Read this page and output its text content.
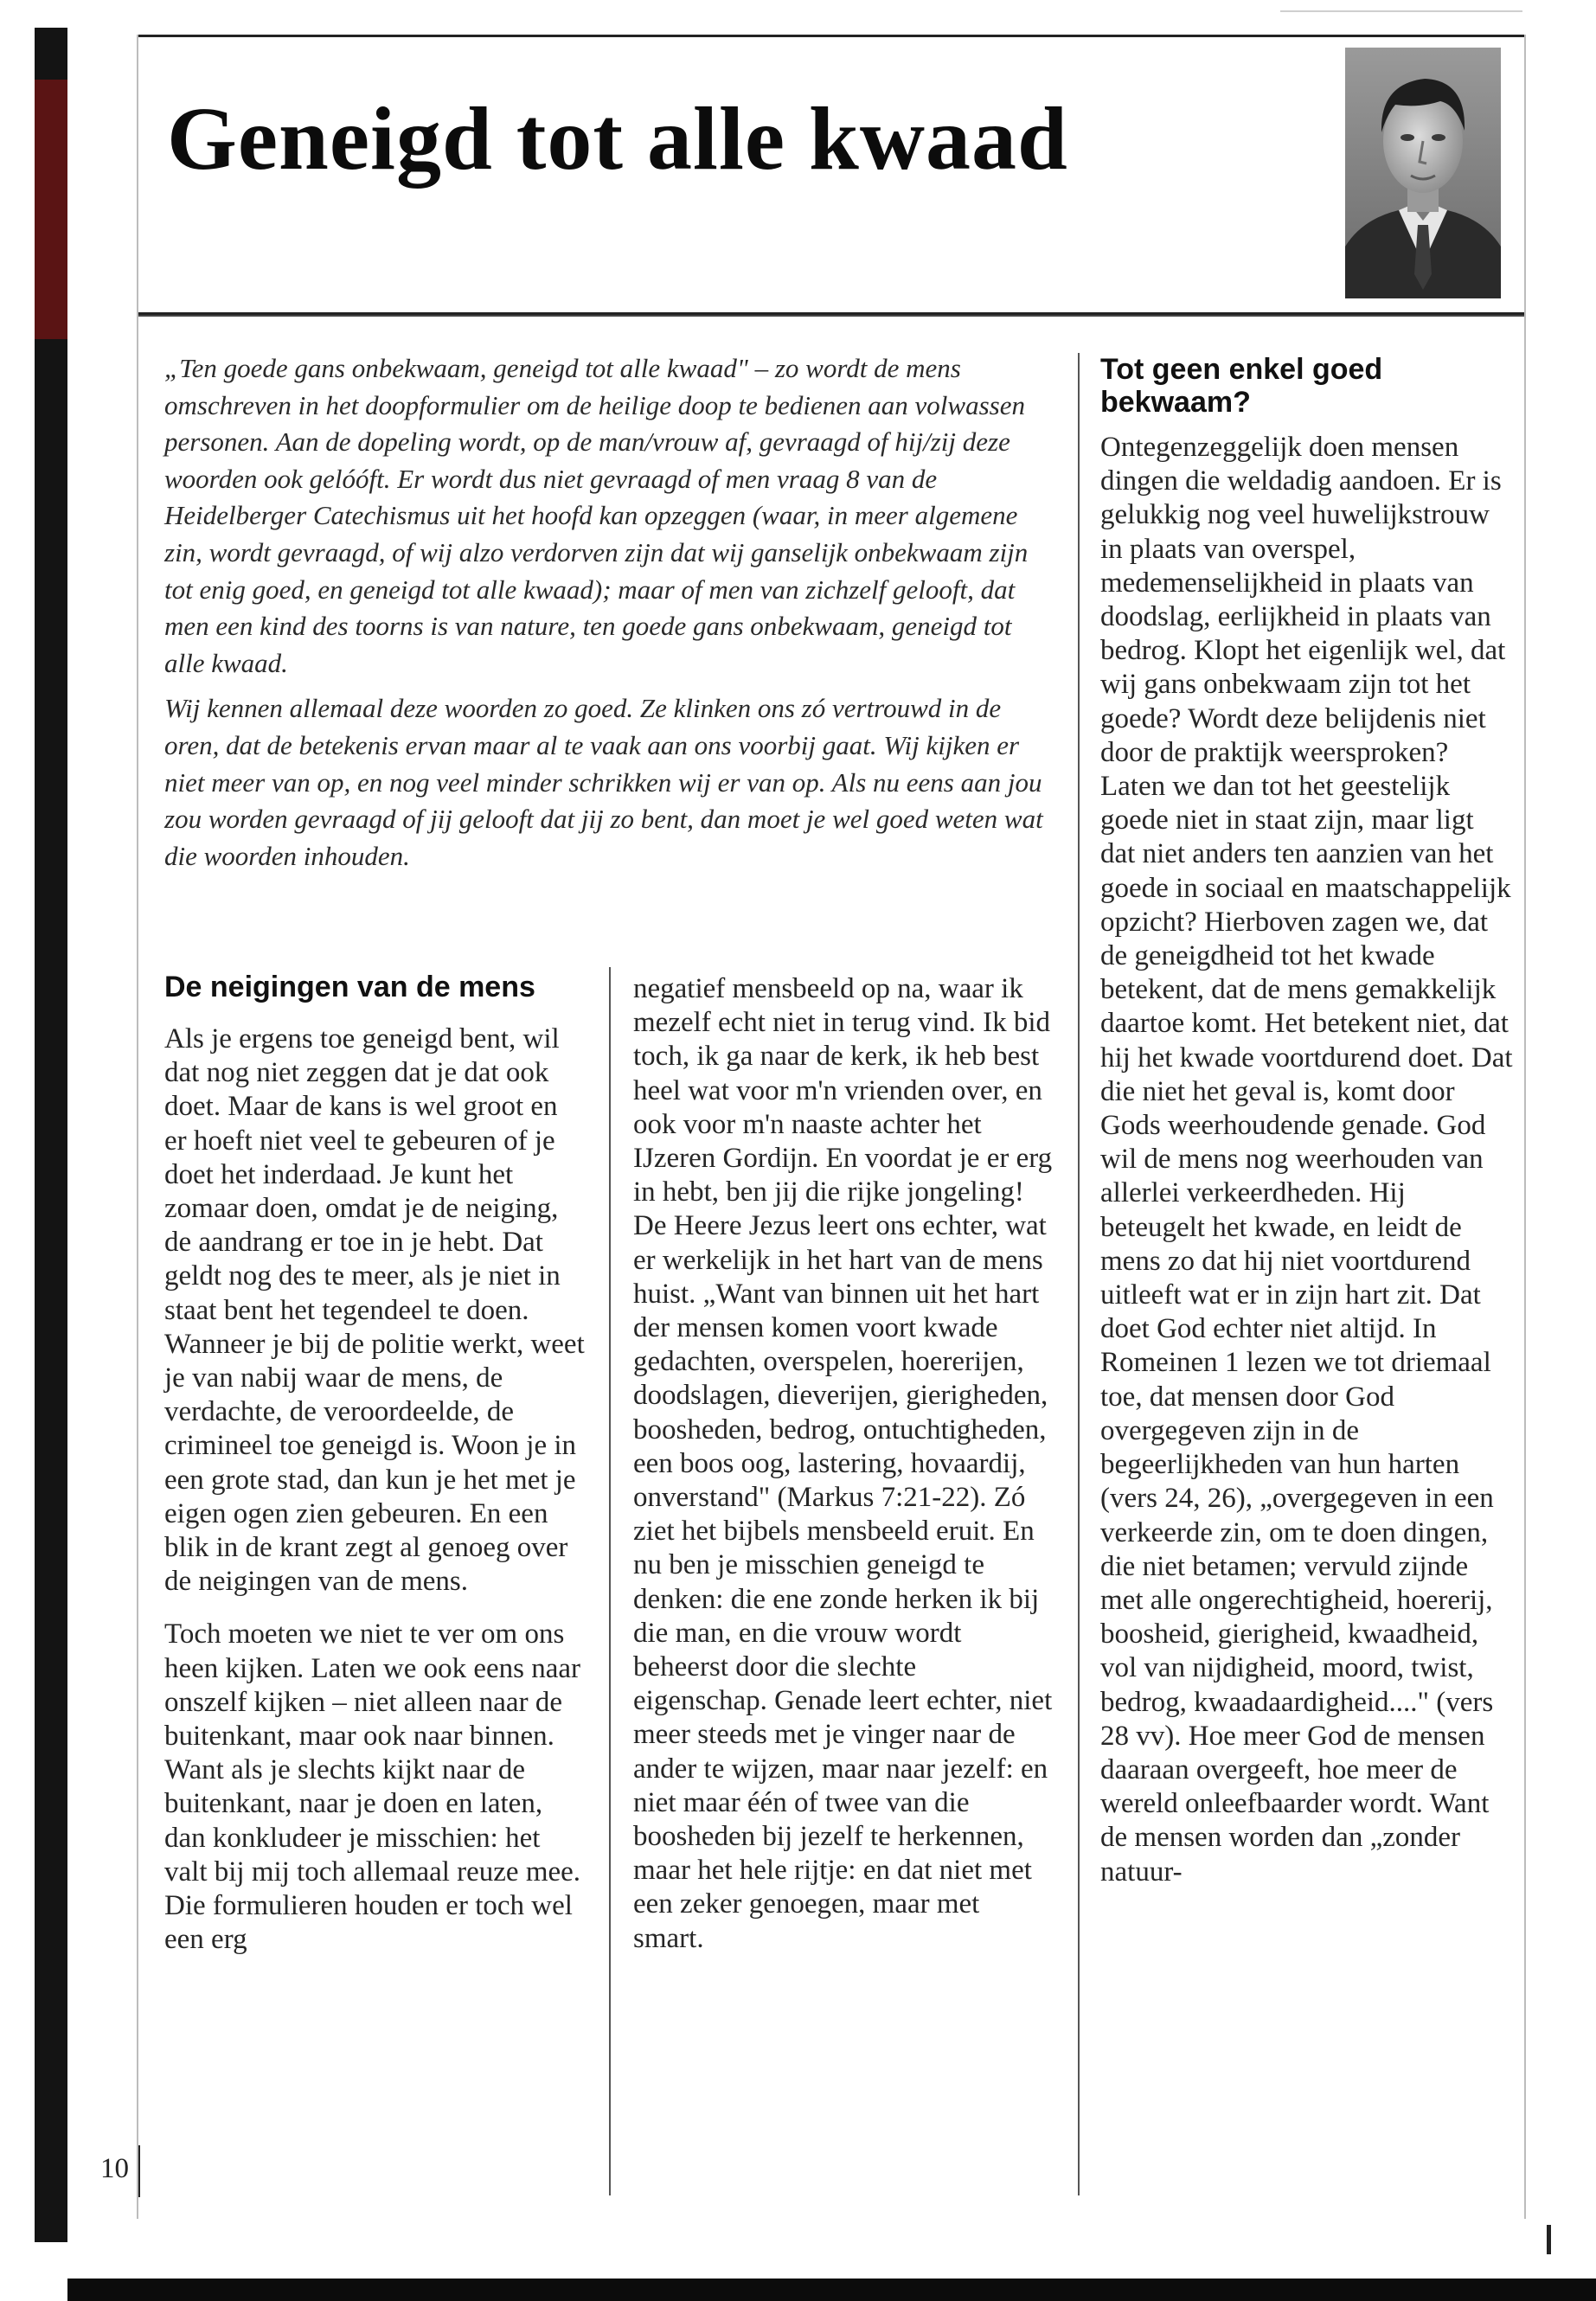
Geneigd tot alle kwaad

„Ten goede gans onbekwaam, geneigd tot alle kwaad" – zo wordt de mens omschreven in het doopformulier om de heilige doop te bedienen aan volwassen personen. Aan de dopeling wordt, op de man/vrouw af, gevraagd of hij/zij deze woorden ook gelóóft. Er wordt dus niet gevraagd of men vraag 8 van de Heidelberger Catechismus uit het hoofd kan opzeggen (waar, in meer algemene zin, wordt gevraagd, of wij alzo verdorven zijn dat wij ganselijk onbekwaam zijn tot enig goed, en geneigd tot alle kwaad); maar of men van zichzelf gelooft, dat men een kind des toorns is van nature, ten goede gans onbekwaam, geneigd tot alle kwaad.

Wij kennen allemaal deze woorden zo goed. Ze klinken ons zó vertrouwd in de oren, dat de betekenis ervan maar al te vaak aan ons voorbij gaat. Wij kijken er niet meer van op, en nog veel minder schrikken wij er van op. Als nu eens aan jou zou worden gevraagd of jij gelooft dat jij zo bent, dan moet je wel goed weten wat die woorden inhouden.

De neigingen van de mens

Als je ergens toe geneigd bent, wil dat nog niet zeggen dat je dat ook doet. Maar de kans is wel groot en er hoeft niet veel te gebeuren of je doet het inderdaad. Je kunt het zomaar doen, omdat je de neiging, de aandrang er toe in je hebt. Dat geldt nog des te meer, als je niet in staat bent het tegendeel te doen. Wanneer je bij de politie werkt, weet je van nabij waar de mens, de verdachte, de veroordeelde, de crimineel toe geneigd is. Woon je in een grote stad, dan kun je het met je eigen ogen zien gebeuren. En een blik in de krant zegt al genoeg over de neigingen van de mens.

Toch moeten we niet te ver om ons heen kijken. Laten we ook eens naar onszelf kijken – niet alleen naar de buitenkant, maar ook naar binnen. Want als je slechts kijkt naar de buitenkant, naar je doen en laten, dan konkludeer je misschien: het valt bij mij toch allemaal reuze mee. Die formulieren houden er toch wel een erg

negatief mensbeeld op na, waar ik mezelf echt niet in terug vind. Ik bid toch, ik ga naar de kerk, ik heb best heel wat voor m'n vrienden over, en ook voor m'n naaste achter het IJzeren Gordijn. En voordat je er erg in hebt, ben jij die rijke jongeling! De Heere Jezus leert ons echter, wat er werkelijk in het hart van de mens huist. „Want van binnen uit het hart der mensen komen voort kwade gedachten, overspelen, hoererijen, doodslagen, dieverijen, gierigheden, boosheden, bedrog, ontuchtigheden, een boos oog, lastering, hovaardij, onverstand" (Markus 7:21-22). Zó ziet het bijbels mensbeeld eruit. En nu ben je misschien geneigd te denken: die ene zonde herken ik bij die man, en die vrouw wordt beheerst door die slechte eigenschap. Genade leert echter, niet meer steeds met je vinger naar de ander te wijzen, maar naar jezelf: en niet maar één of twee van die boosheden bij jezelf te herkennen, maar het hele rijtje: en dat niet met een zeker genoegen, maar met smart.

Tot geen enkel goed bekwaam?

Ontegenzeggelijk doen mensen dingen die weldadig aandoen. Er is gelukkig nog veel huwelijkstrouw in plaats van overspel, medemenselijkheid in plaats van doodslag, eerlijkheid in plaats van bedrog. Klopt het eigenlijk wel, dat wij gans onbekwaam zijn tot het goede? Wordt deze belijdenis niet door de praktijk weersproken? Laten we dan tot het geestelijk goede niet in staat zijn, maar ligt dat niet anders ten aanzien van het goede in sociaal en maatschappelijk opzicht? Hierboven zagen we, dat de geneigdheid tot het kwade betekent, dat de mens gemakkelijk daartoe komt. Het betekent niet, dat hij het kwade voortdurend doet. Dat die niet het geval is, komt door Gods weerhoudende genade. God wil de mens nog weerhouden van allerlei verkeerdheden. Hij beteugelt het kwade, en leidt de mens zo dat hij niet voortdurend uitleeft wat er in zijn hart zit. Dat doet God echter niet altijd. In Romeinen 1 lezen we tot driemaal toe, dat mensen door God overgegeven zijn in de begeerlijkheden van hun harten (vers 24, 26), „overgegeven in een verkeerde zin, om te doen dingen, die niet betamen; vervuld zijnde met alle ongerechtigheid, hoererij, boosheid, gierigheid, kwaadheid, vol van nijdigheid, moord, twist, bedrog, kwaadaardigheid...." (vers 28 vv). Hoe meer God de mensen daaraan overgeeft, hoe meer de wereld onleefbaarder wordt. Want de mensen worden dan „zonder natuur-

10
